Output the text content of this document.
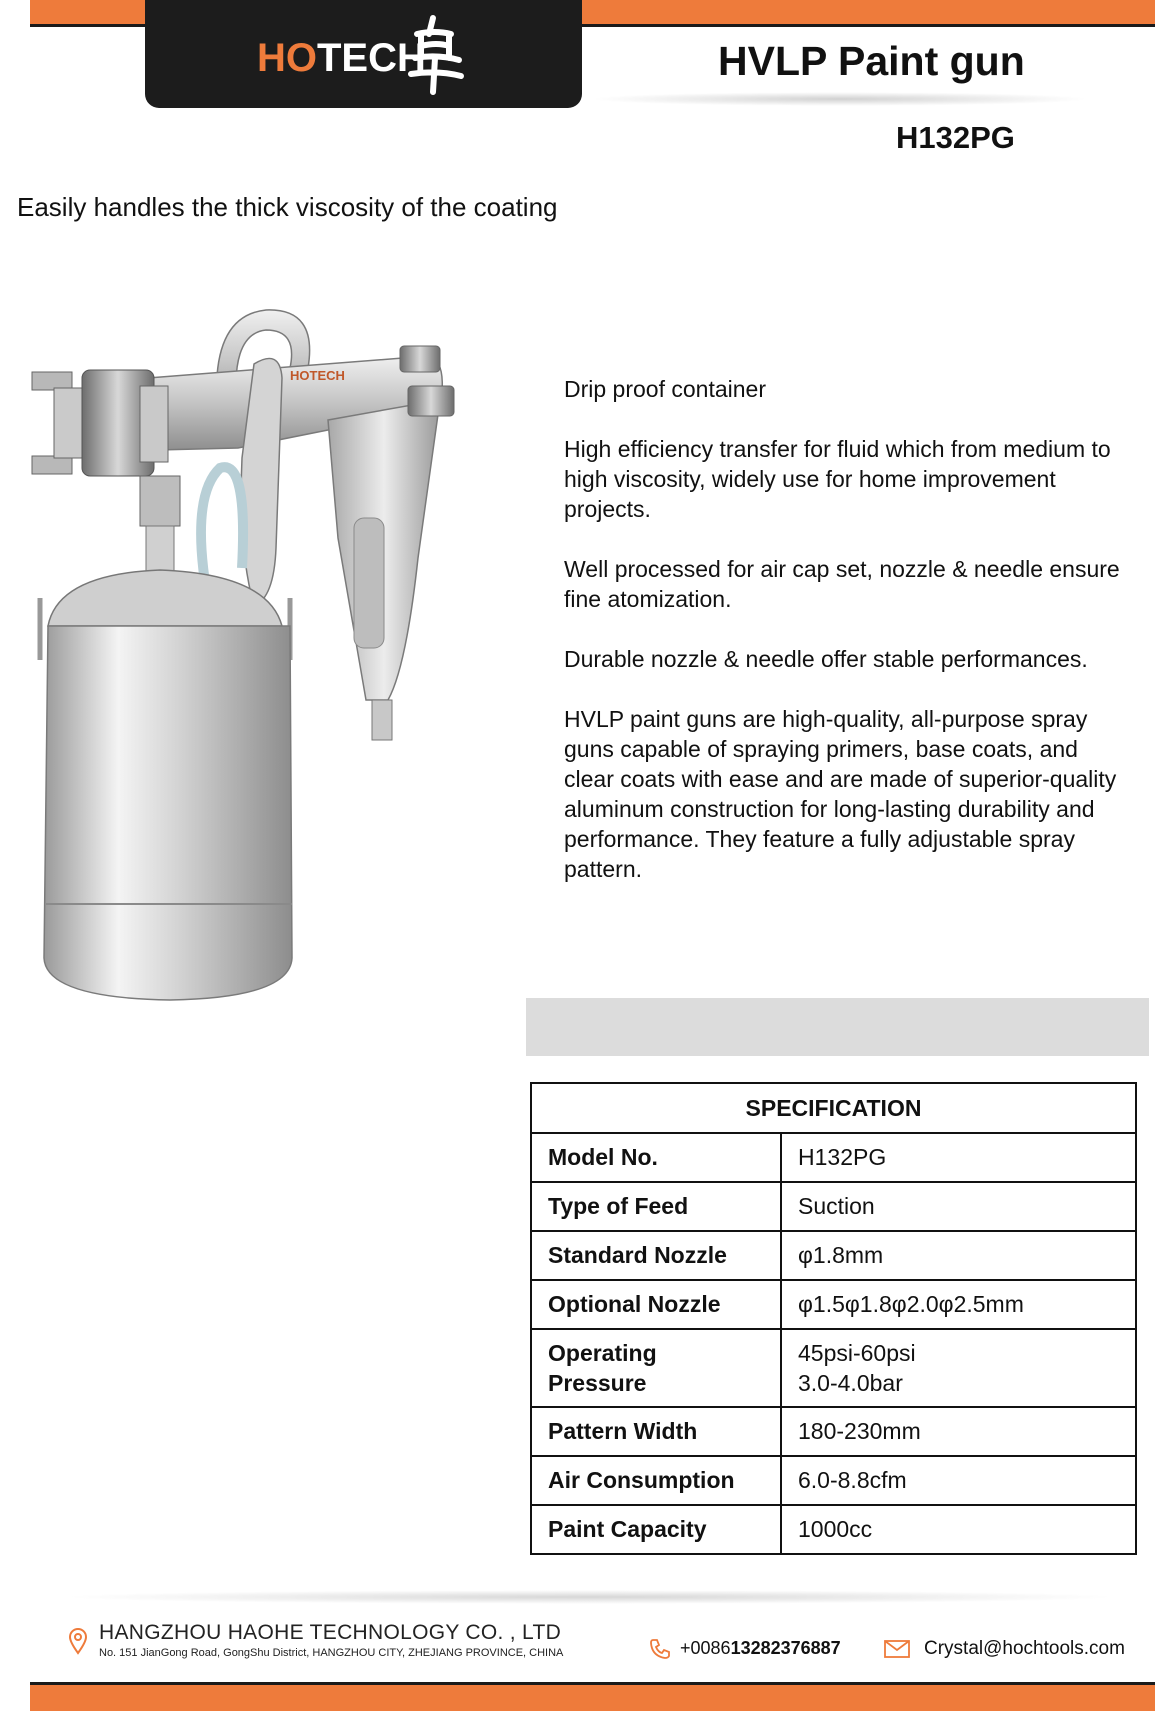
HOTECH	HVLP Paint gun
H132PG
Easily handles the thick viscosity of the coating
HOTECH

Drip proof container

High efficiency transfer for fluid which from medium to high viscosity, widely use for home improvement projects.

Well processed for air cap set, nozzle & needle ensure fine atomization.

Durable nozzle & needle offer stable performances.

HVLP paint guns are high-quality, all-purpose spray guns capable of spraying primers, base coats, and clear coats with ease and are made of superior-quality aluminum construction for long-lasting durability and performance. They feature a fully adjustable spray pattern.

SPECIFICATION	
Model No.	H132PG
Type of Feed	Suction
Standard Nozzle	φ1.8mm
Optional Nozzle	φ1.5φ1.8φ2.0φ2.5mm

Operating Pressure	45psi-60psi
3.0-4.0bar

Pattern Width	180-230mm
Air Consumption	6.0-8.8cfm
Paint Capacity	1000cc
HANGZHOU HAOHE TECHNOLOGY CO. , LTD
No. 151 JianGong Road, GongShu District, HANGZHOU CITY, ZHEJIANG PROVINCE, CHINA	+008613282376887	Crystal@hochtools.com
